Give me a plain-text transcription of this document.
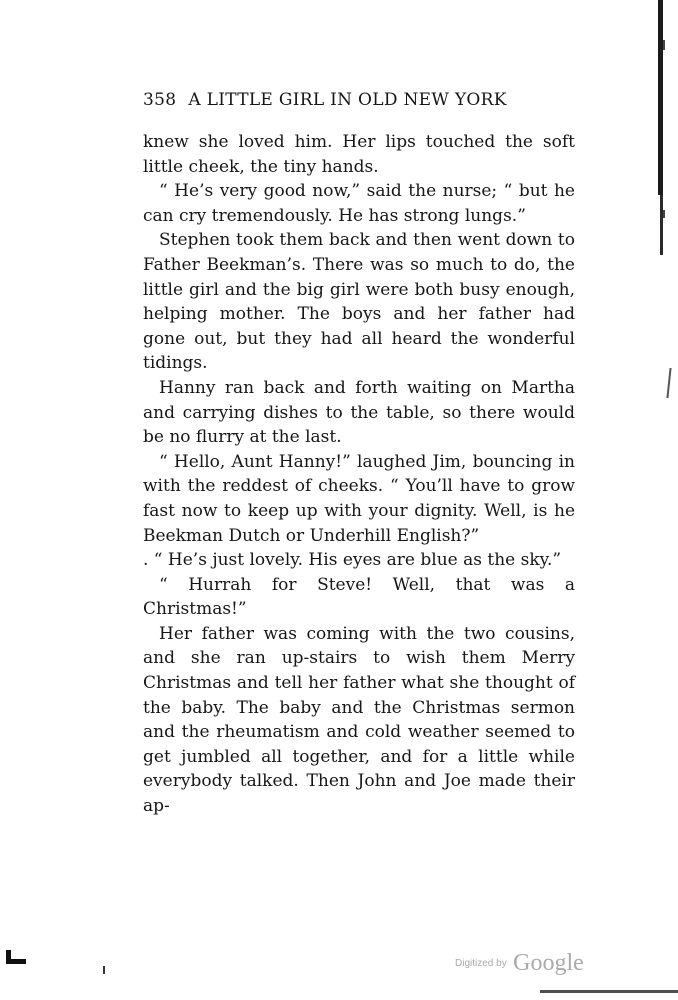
358 A LITTLE GIRL IN OLD NEW YORK

knew she loved him. Her lips touched the soft little cheek, the tiny hands.

“ He’s very good now,” said the nurse; “ but he can cry tremendously. He has strong lungs.”

Stephen took them back and then went down to Father Beekman’s. There was so much to do, the little girl and the big girl were both busy enough, helping mother. The boys and her father had gone out, but they had all heard the wonderful tidings.

Hanny ran back and forth waiting on Martha and carrying dishes to the table, so there would be no flurry at the last.

“ Hello, Aunt Hanny!” laughed Jim, bouncing in with the reddest of cheeks. “ You’ll have to grow fast now to keep up with your dignity. Well, is he Beekman Dutch or Underhill English?”

. “ He’s just lovely. His eyes are blue as the sky.”

“ Hurrah for Steve! Well, that was a Christmas!”

Her father was coming with the two cousins, and she ran up-stairs to wish them Merry Christmas and tell her father what she thought of the baby. The baby and the Christmas sermon and the rheumatism and cold weather seemed to get jumbled all together, and for a little while everybody talked. Then John and Joe made their ap-

Digitized by Google
